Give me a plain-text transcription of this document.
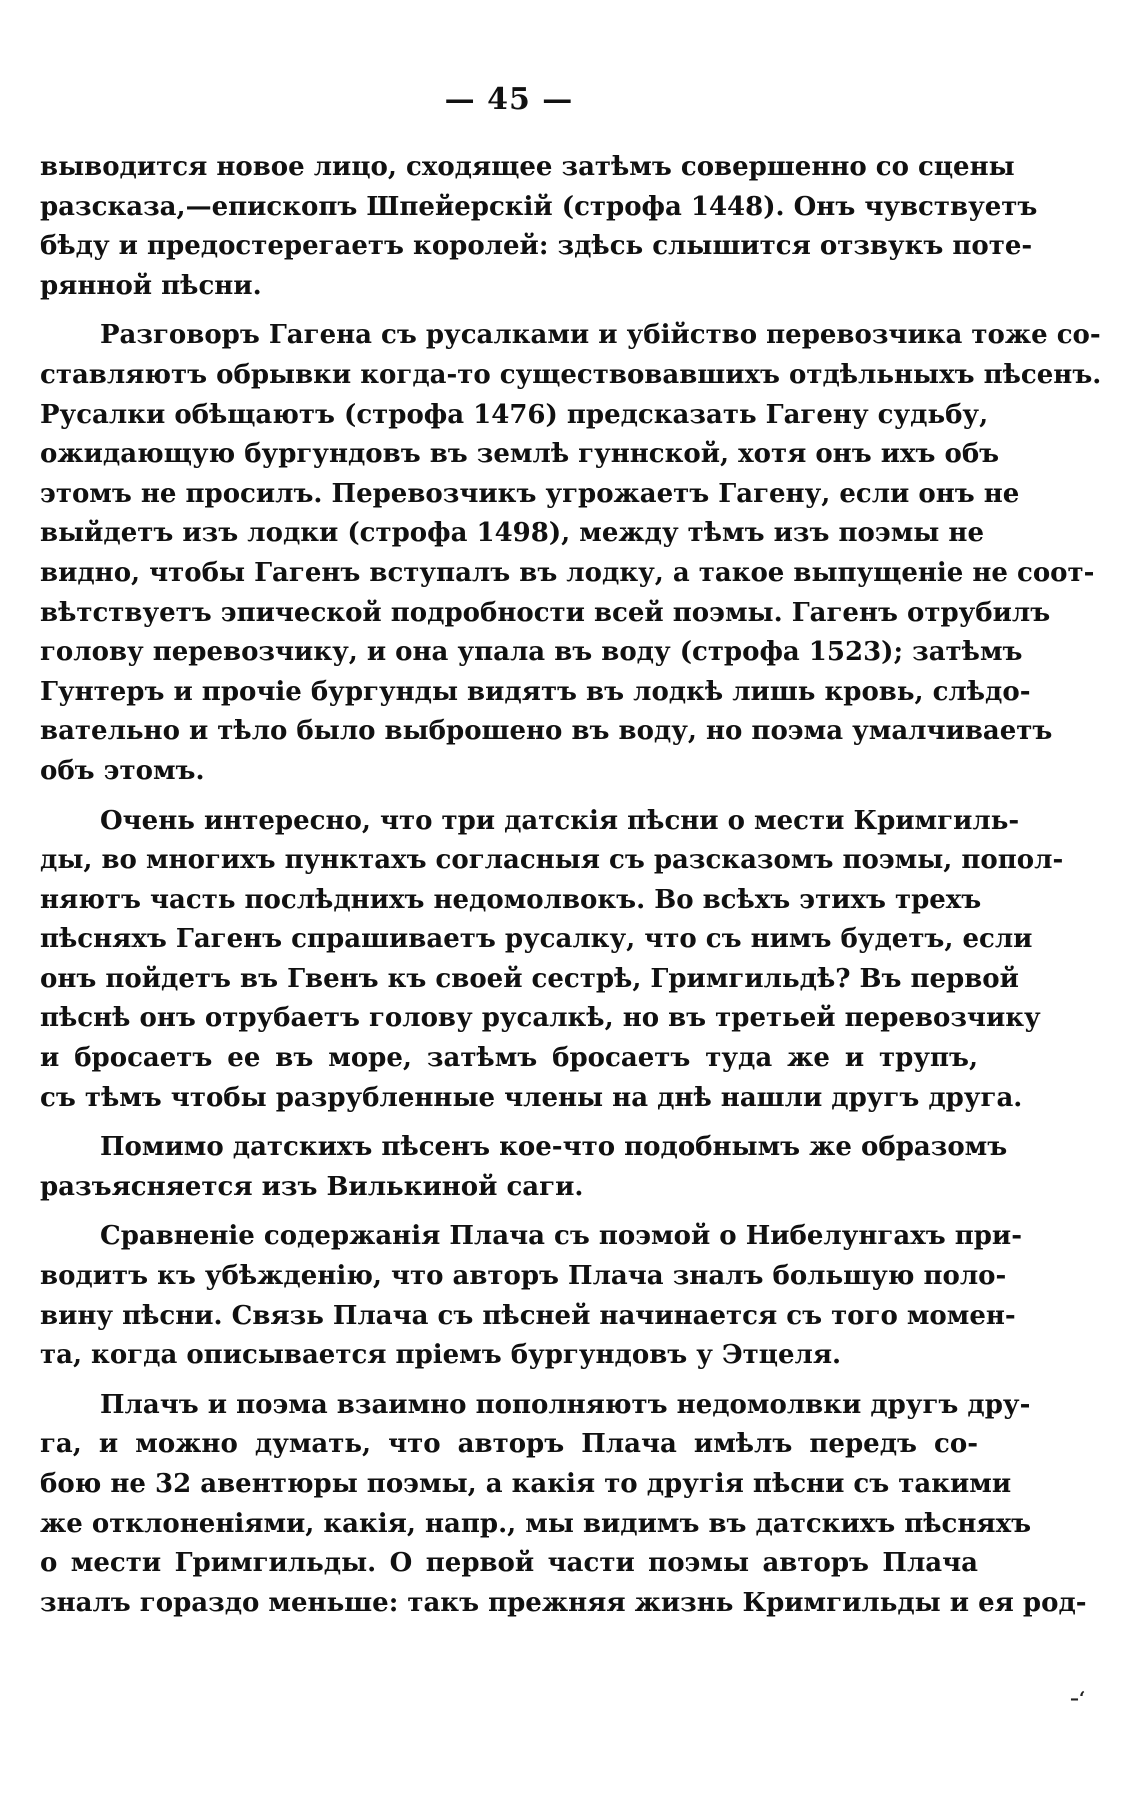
— 45 —
выводится новое лицо, сходящее затѣмъ совершенно со сцены
разсказа,—епископъ Шпейерскій (строфа 1448). Онъ чувствуетъ
бѣду и предостерегаетъ королей: здѣсь слышится отзвукъ поте-
рянной пѣсни.
Разговоръ Гагена съ русалками и убійство перевозчика тоже со-
ставляютъ обрывки когда-то существовавшихъ отдѣльныхъ пѣсенъ.
Русалки обѣщаютъ (строфа 1476) предсказать Гагену судьбу,
ожидающую бургундовъ въ землѣ гуннской, хотя онъ ихъ объ
этомъ не просилъ. Перевозчикъ угрожаетъ Гагену, если онъ не
выйдетъ изъ лодки (строфа 1498), между тѣмъ изъ поэмы не
видно, чтобы Гагенъ вступалъ въ лодку, а такое выпущеніе не соот-
вѣтствуетъ эпической подробности всей поэмы. Гагенъ отрубилъ
голову перевозчику, и она упала въ воду (строфа 1523); затѣмъ
Гунтеръ и прочіе бургунды видятъ въ лодкѣ лишь кровь, слѣдо-
вательно и тѣло было выброшено въ воду, но поэма умалчиваетъ
объ этомъ.
Очень интересно, что три датскія пѣсни о мести Кримгиль-
ды, во многихъ пунктахъ согласныя съ разсказомъ поэмы, попол-
няютъ часть послѣднихъ недомолвокъ. Во всѣхъ этихъ трехъ
пѣсняхъ Гагенъ спрашиваетъ русалку, что съ нимъ будетъ, если
онъ пойдетъ въ Гвенъ къ своей сестрѣ, Гримгильдѣ? Въ первой
пѣснѣ онъ отрубаетъ голову русалкѣ, но въ третьей перевозчику
и бросаетъ ее въ море, затѣмъ бросаетъ туда же и трупъ,
съ тѣмъ чтобы разрубленные члены на днѣ нашли другъ друга.
Помимо датскихъ пѣсенъ кое-что подобнымъ же образомъ
разъясняется изъ Вилькиной саги.
Сравненіе содержанія Плача съ поэмой о Нибелунгахъ при-
водитъ къ убѣжденію, что авторъ Плача зналъ большую поло-
вину пѣсни. Связь Плача съ пѣсней начинается съ того момен-
та, когда описывается пріемъ бургундовъ у Этцеля.
Плачъ и поэма взаимно пополняютъ недомолвки другъ дру-
га, и можно думать, что авторъ Плача имѣлъ передъ со-
бою не 32 авентюры поэмы, а какія то другія пѣсни съ такими
же отклоненіями, какія, напр., мы видимъ въ датскихъ пѣсняхъ
о мести Гримгильды. О первой части поэмы авторъ Плача
зналъ гораздо меньше: такъ прежняя жизнь Кримгильды и ея род-
–‘
